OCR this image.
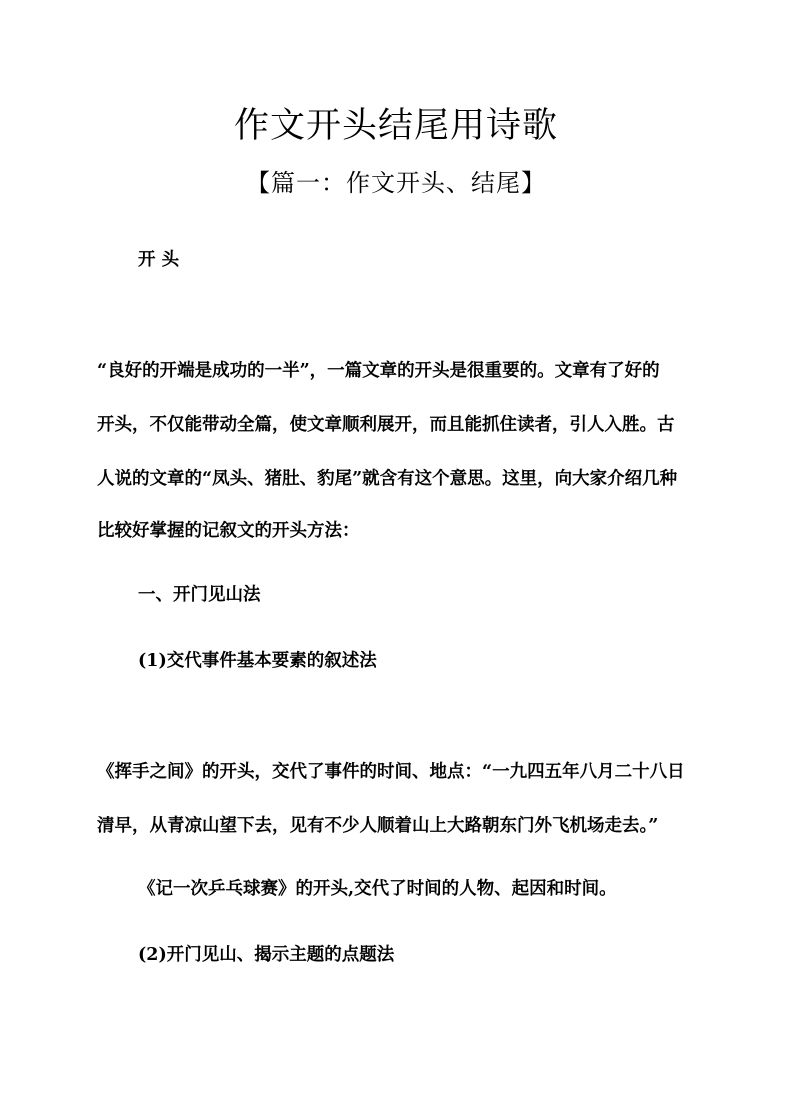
作文开头结尾用诗歌
【篇一：作文开头、结尾】
开 头
“良好的开端是成功的一半”，一篇文章的开头是很重要的。文章有了好的
开头，不仅能带动全篇，使文章顺利展开，而且能抓住读者，引人入胜。古
人说的文章的“凤头、猪肚、豹尾”就含有这个意思。这里，向大家介绍几种
比较好掌握的记叙文的开头方法：
一、开门见山法
(1)交代事件基本要素的叙述法
《挥手之间》的开头，交代了事件的时间、地点：“一九四五年八月二十八日
清早，从青凉山望下去，见有不少人顺着山上大路朝东门外飞机场走去。”
《记一次乒乓球赛》的开头,交代了时间的人物、起因和时间。
(2)开门见山、揭示主题的点题法
